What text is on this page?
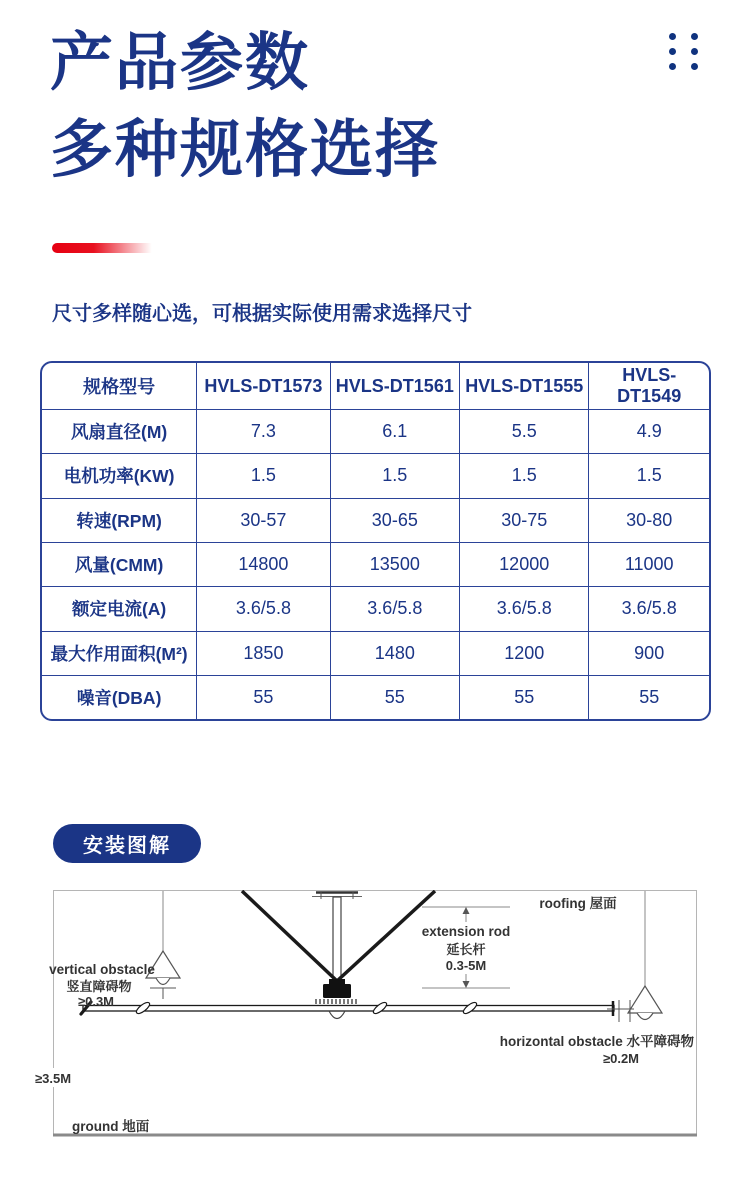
产品参数
多种规格选择
尺寸多样随心选，可根据实际使用需求选择尺寸
规格型号	HVLS-DT1573	HVLS-DT1561	HVLS-DT1555	HVLS-DT1549
风扇直径(M)	7.3	6.1	5.5	4.9
电机功率(KW)	1.5	1.5	1.5	1.5
转速(RPM)	30-57	30-65	30-75	30-80
风量(CMM)	14800	13500	12000	11000
额定电流(A)	3.6/5.8	3.6/5.8	3.6/5.8	3.6/5.8
最大作用面积(M²)	1850	1480	1200	900
噪音(DBA)	55	55	55	55
安装图解
vertical obstacle
竖直障碍物
≥0.3M
extension rod
延长杆
0.3-5M
roofing 屋面
horizontal obstacle 水平障碍物
≥0.2M
≥3.5M
ground 地面
